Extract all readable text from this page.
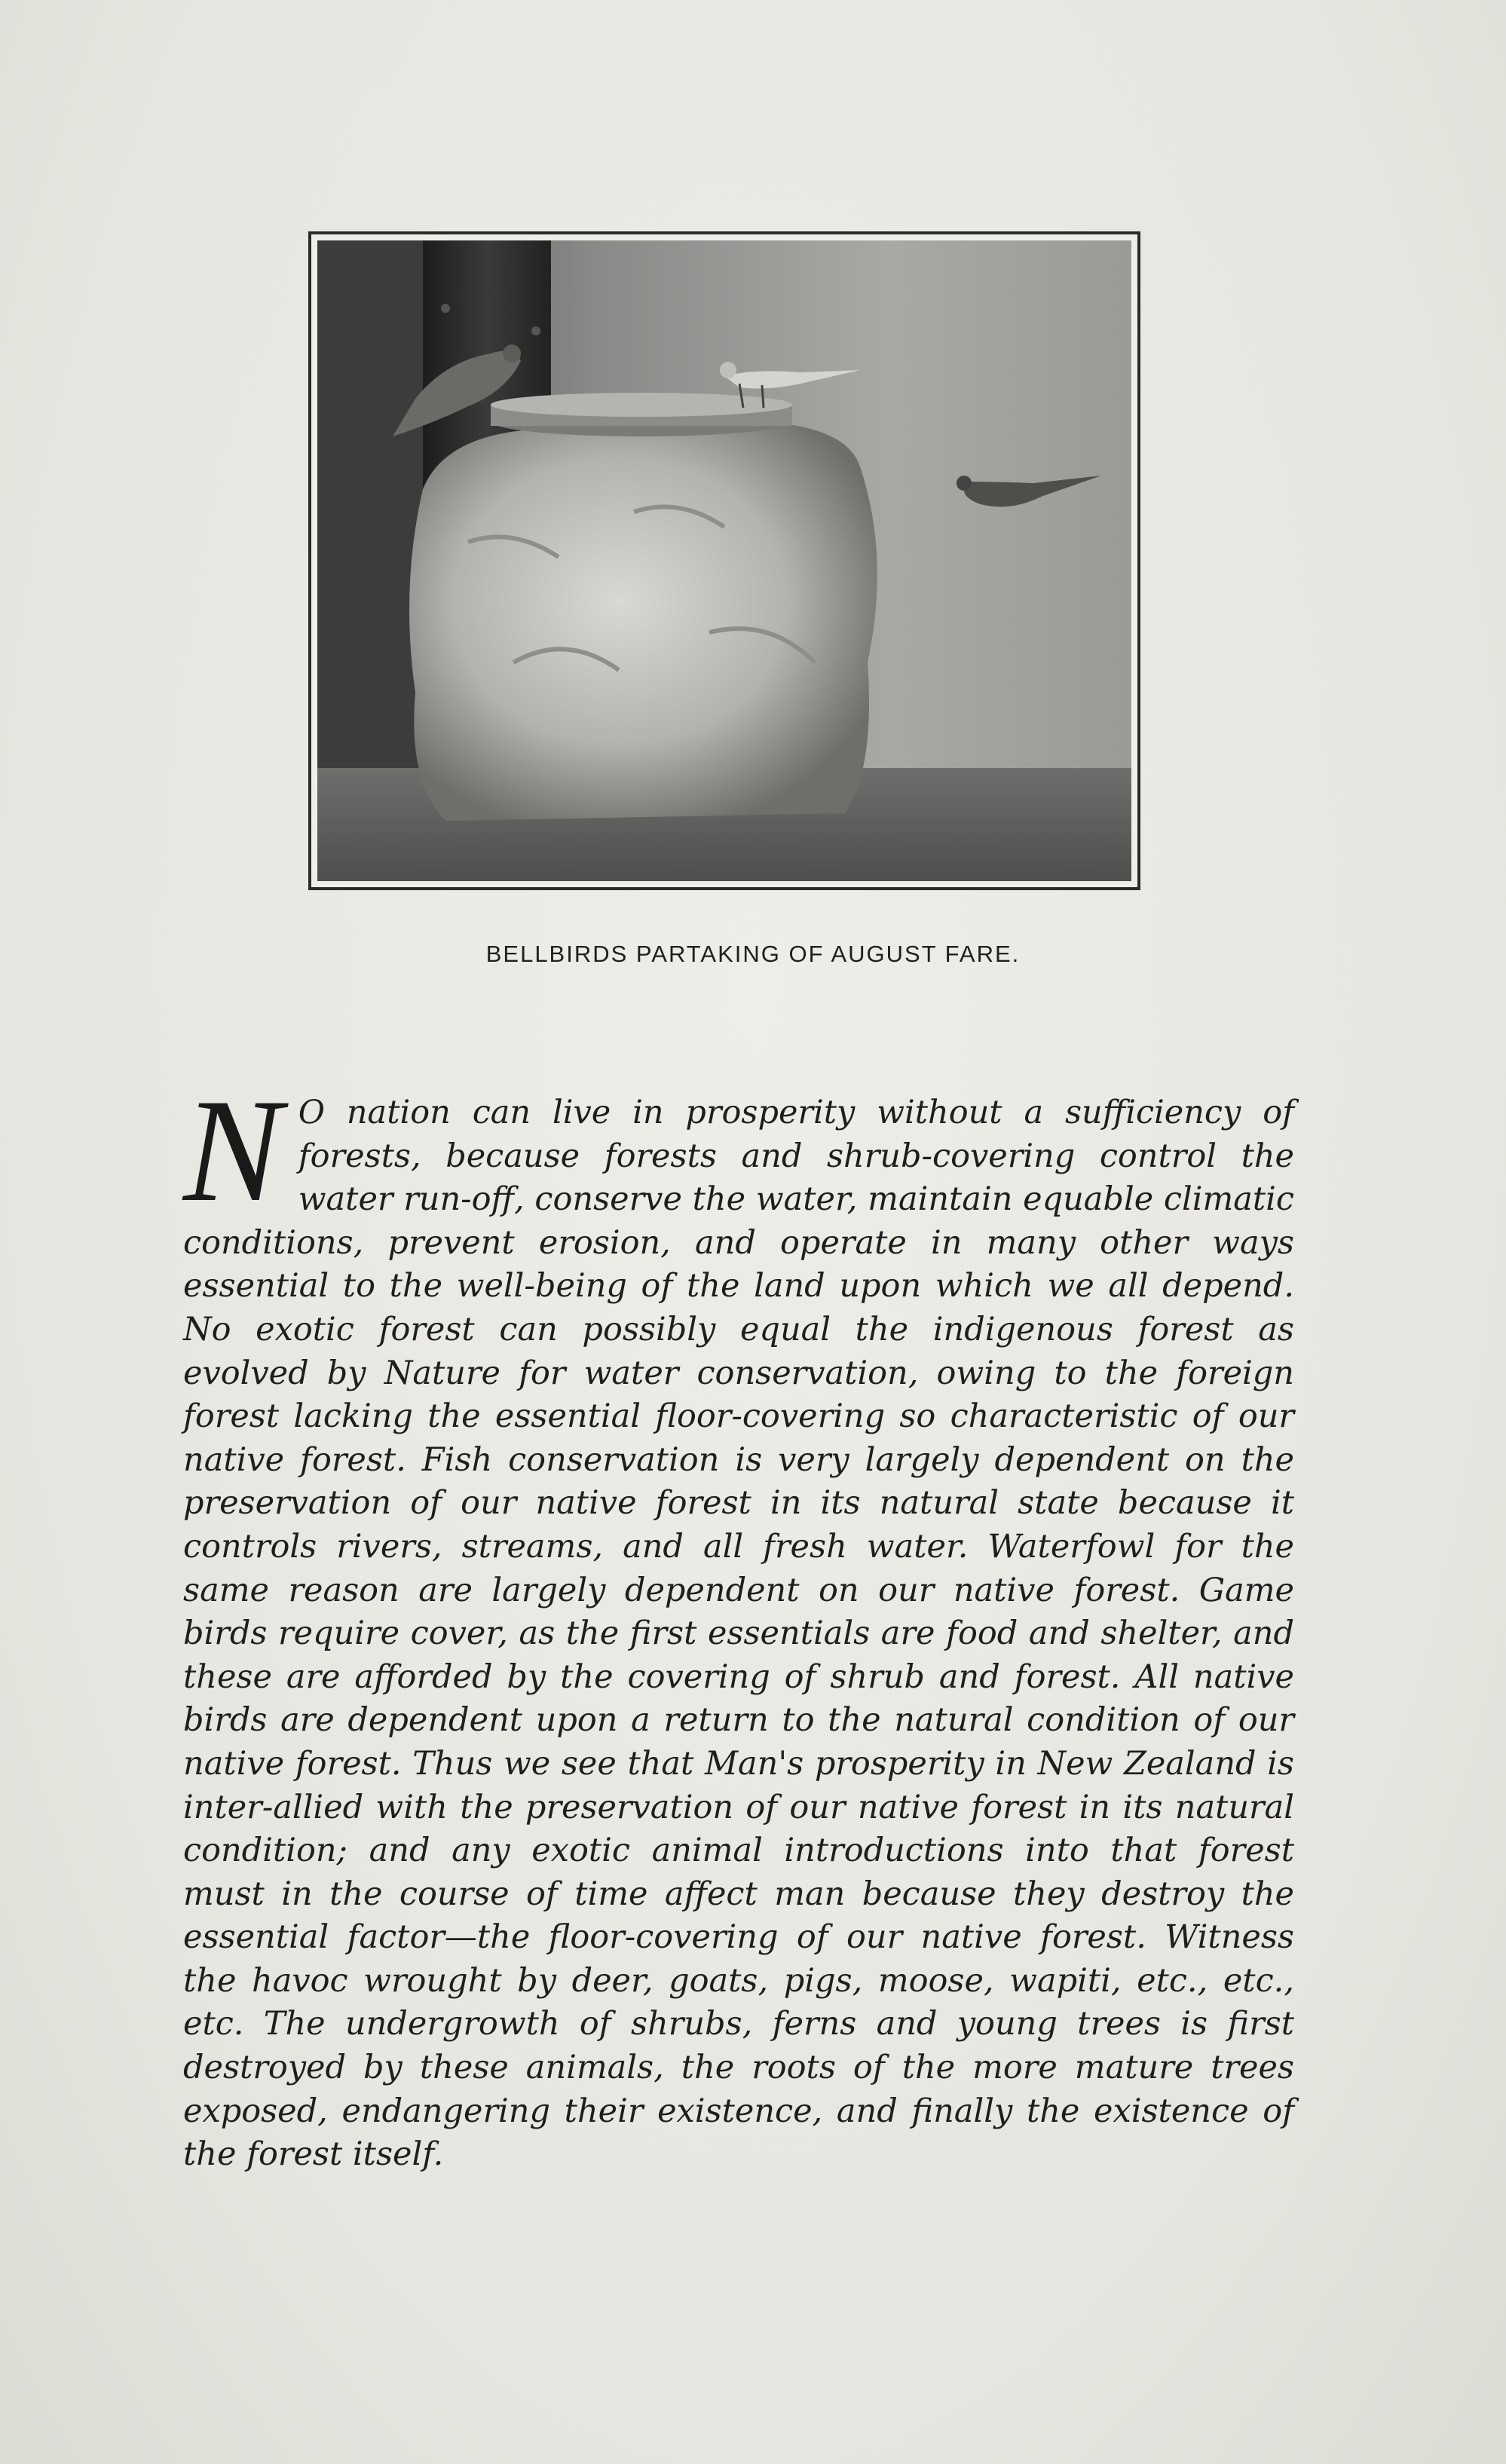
BELLBIRDS PARTAKING OF AUGUST FARE.
N O nation can live in prosperity without a sufficiency of forests, because forests and shrub-covering control the water run-off, conserve the water, maintain equable climatic conditions, prevent erosion, and operate in many other ways essential to the well-being of the land upon which we all depend. No exotic forest can possibly equal the indigenous forest as evolved by Nature for water conservation, owing to the foreign forest lacking the essential floor-covering so characteristic of our native forest. Fish conservation is very largely dependent on the preservation of our native forest in its natural state because it controls rivers, streams, and all fresh water. Waterfowl for the same reason are largely dependent on our native forest. Game birds require cover, as the first essentials are food and shelter, and these are afforded by the covering of shrub and forest. All native birds are dependent upon a return to the natural condition of our native forest. Thus we see that Man's prosperity in New Zealand is inter-allied with the preservation of our native forest in its natural condition; and any exotic animal introductions into that forest must in the course of time affect man because they destroy the essential factor—the floor-covering of our native forest. Witness the havoc wrought by deer, goats, pigs, moose, wapiti, etc., etc., etc. The undergrowth of shrubs, ferns and young trees is first destroyed by these animals, the roots of the more mature trees exposed, endangering their existence, and finally the existence of the forest itself.
